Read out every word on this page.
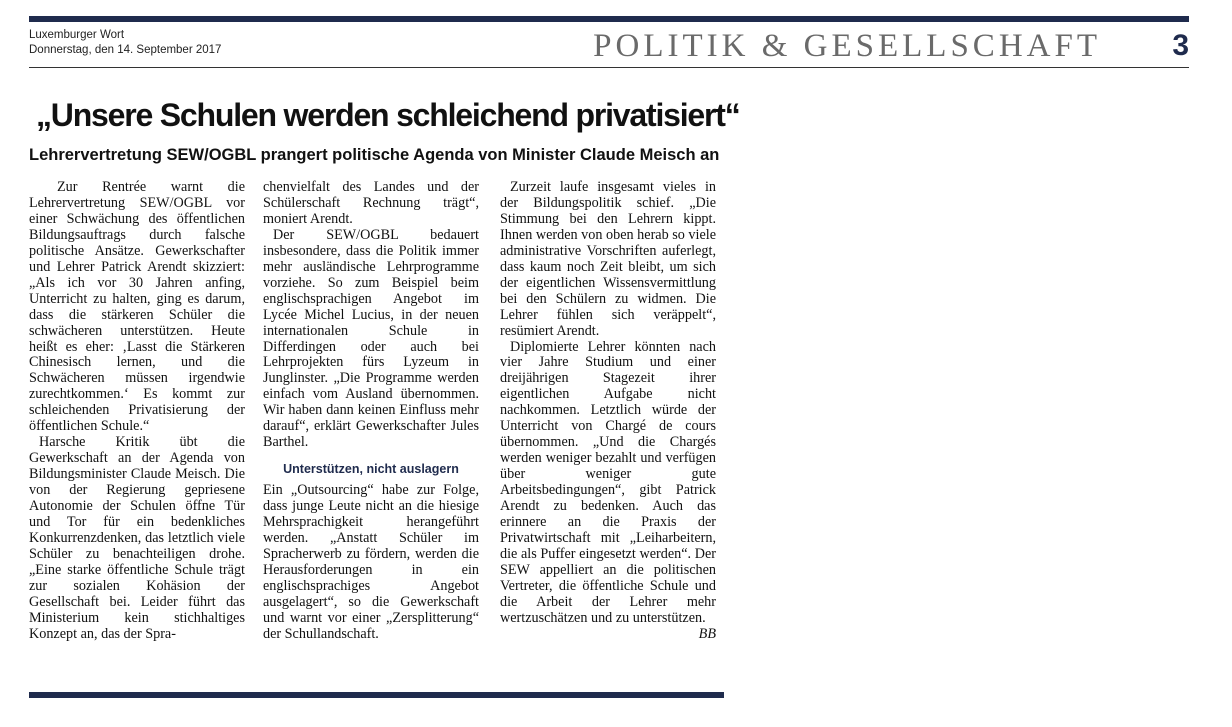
Luxemburger Wort
Donnerstag, den 14. September 2017	POLITIK & GESELLSCHAFT 3
„Unsere Schulen werden schleichend privatisiert“
Lehrervertretung SEW/OGBL prangert politische Agenda von Minister Claude Meisch an

Zur Rentrée warnt die Lehrervertretung SEW/OGBL vor einer Schwächung des öffentlichen Bildungsauftrags durch falsche politische Ansätze. Gewerkschafter und Lehrer Patrick Arendt skizziert: „Als ich vor 30 Jahren anfing, Unterricht zu halten, ging es darum, dass die stärkeren Schüler die schwächeren unterstützen. Heute heißt es eher: ‚Lasst die Stärkeren Chinesisch lernen, und die Schwächeren müssen irgendwie zurechtkommen.‘ Es kommt zur schleichenden Privatisierung der öffentlichen Schule.“

Harsche Kritik übt die Gewerkschaft an der Agenda von Bildungsminister Claude Meisch. Die von der Regierung gepriesene Autonomie der Schulen öffne Tür und Tor für ein bedenkliches Konkurrenzdenken, das letztlich viele Schüler zu benachteiligen drohe. „Eine starke öffentliche Schule trägt zur sozialen Kohäsion der Gesellschaft bei. Leider führt das Ministerium kein stichhaltiges Konzept an, das der Spra-

chenvielfalt des Landes und der Schülerschaft Rechnung trägt“, moniert Arendt.

Der SEW/OGBL bedauert insbesondere, dass die Politik immer mehr ausländische Lehrprogramme vorziehe. So zum Beispiel beim englischsprachigen Angebot im Lycée Michel Lucius, in der neuen internationalen Schule in Differdingen oder auch bei Lehrprojekten fürs Lyzeum in Junglinster. „Die Programme werden einfach vom Ausland übernommen. Wir haben dann keinen Einfluss mehr darauf“, erklärt Gewerkschafter Jules Barthel.

Unterstützen, nicht auslagern

Ein „Outsourcing“ habe zur Folge, dass junge Leute nicht an die hiesige Mehrsprachigkeit herangeführt werden. „Anstatt Schüler im Spracherwerb zu fördern, werden die Herausforderungen in ein englischsprachiges Angebot ausgelagert“, so die Gewerkschaft und warnt vor einer „Zersplitterung“ der Schullandschaft.

Zurzeit laufe insgesamt vieles in der Bildungspolitik schief. „Die Stimmung bei den Lehrern kippt. Ihnen werden von oben herab so viele administrative Vorschriften auferlegt, dass kaum noch Zeit bleibt, um sich der eigentlichen Wissensvermittlung bei den Schülern zu widmen. Die Lehrer fühlen sich veräppelt“, resümiert Arendt.

Diplomierte Lehrer könnten nach vier Jahre Studium und einer dreijährigen Stagezeit ihrer eigentlichen Aufgabe nicht nachkommen. Letztlich würde der Unterricht von Chargé de cours übernommen. „Und die Chargés werden weniger bezahlt und verfügen über weniger gute Arbeitsbedingungen“, gibt Patrick Arendt zu bedenken. Auch das erinnere an die Praxis der Privatwirtschaft mit „Leiharbeitern, die als Puffer eingesetzt werden“. Der SEW appelliert an die politischen Vertreter, die öffentliche Schule und die Arbeit der Lehrer mehr wertzuschätzen und zu unterstützen.
BB
